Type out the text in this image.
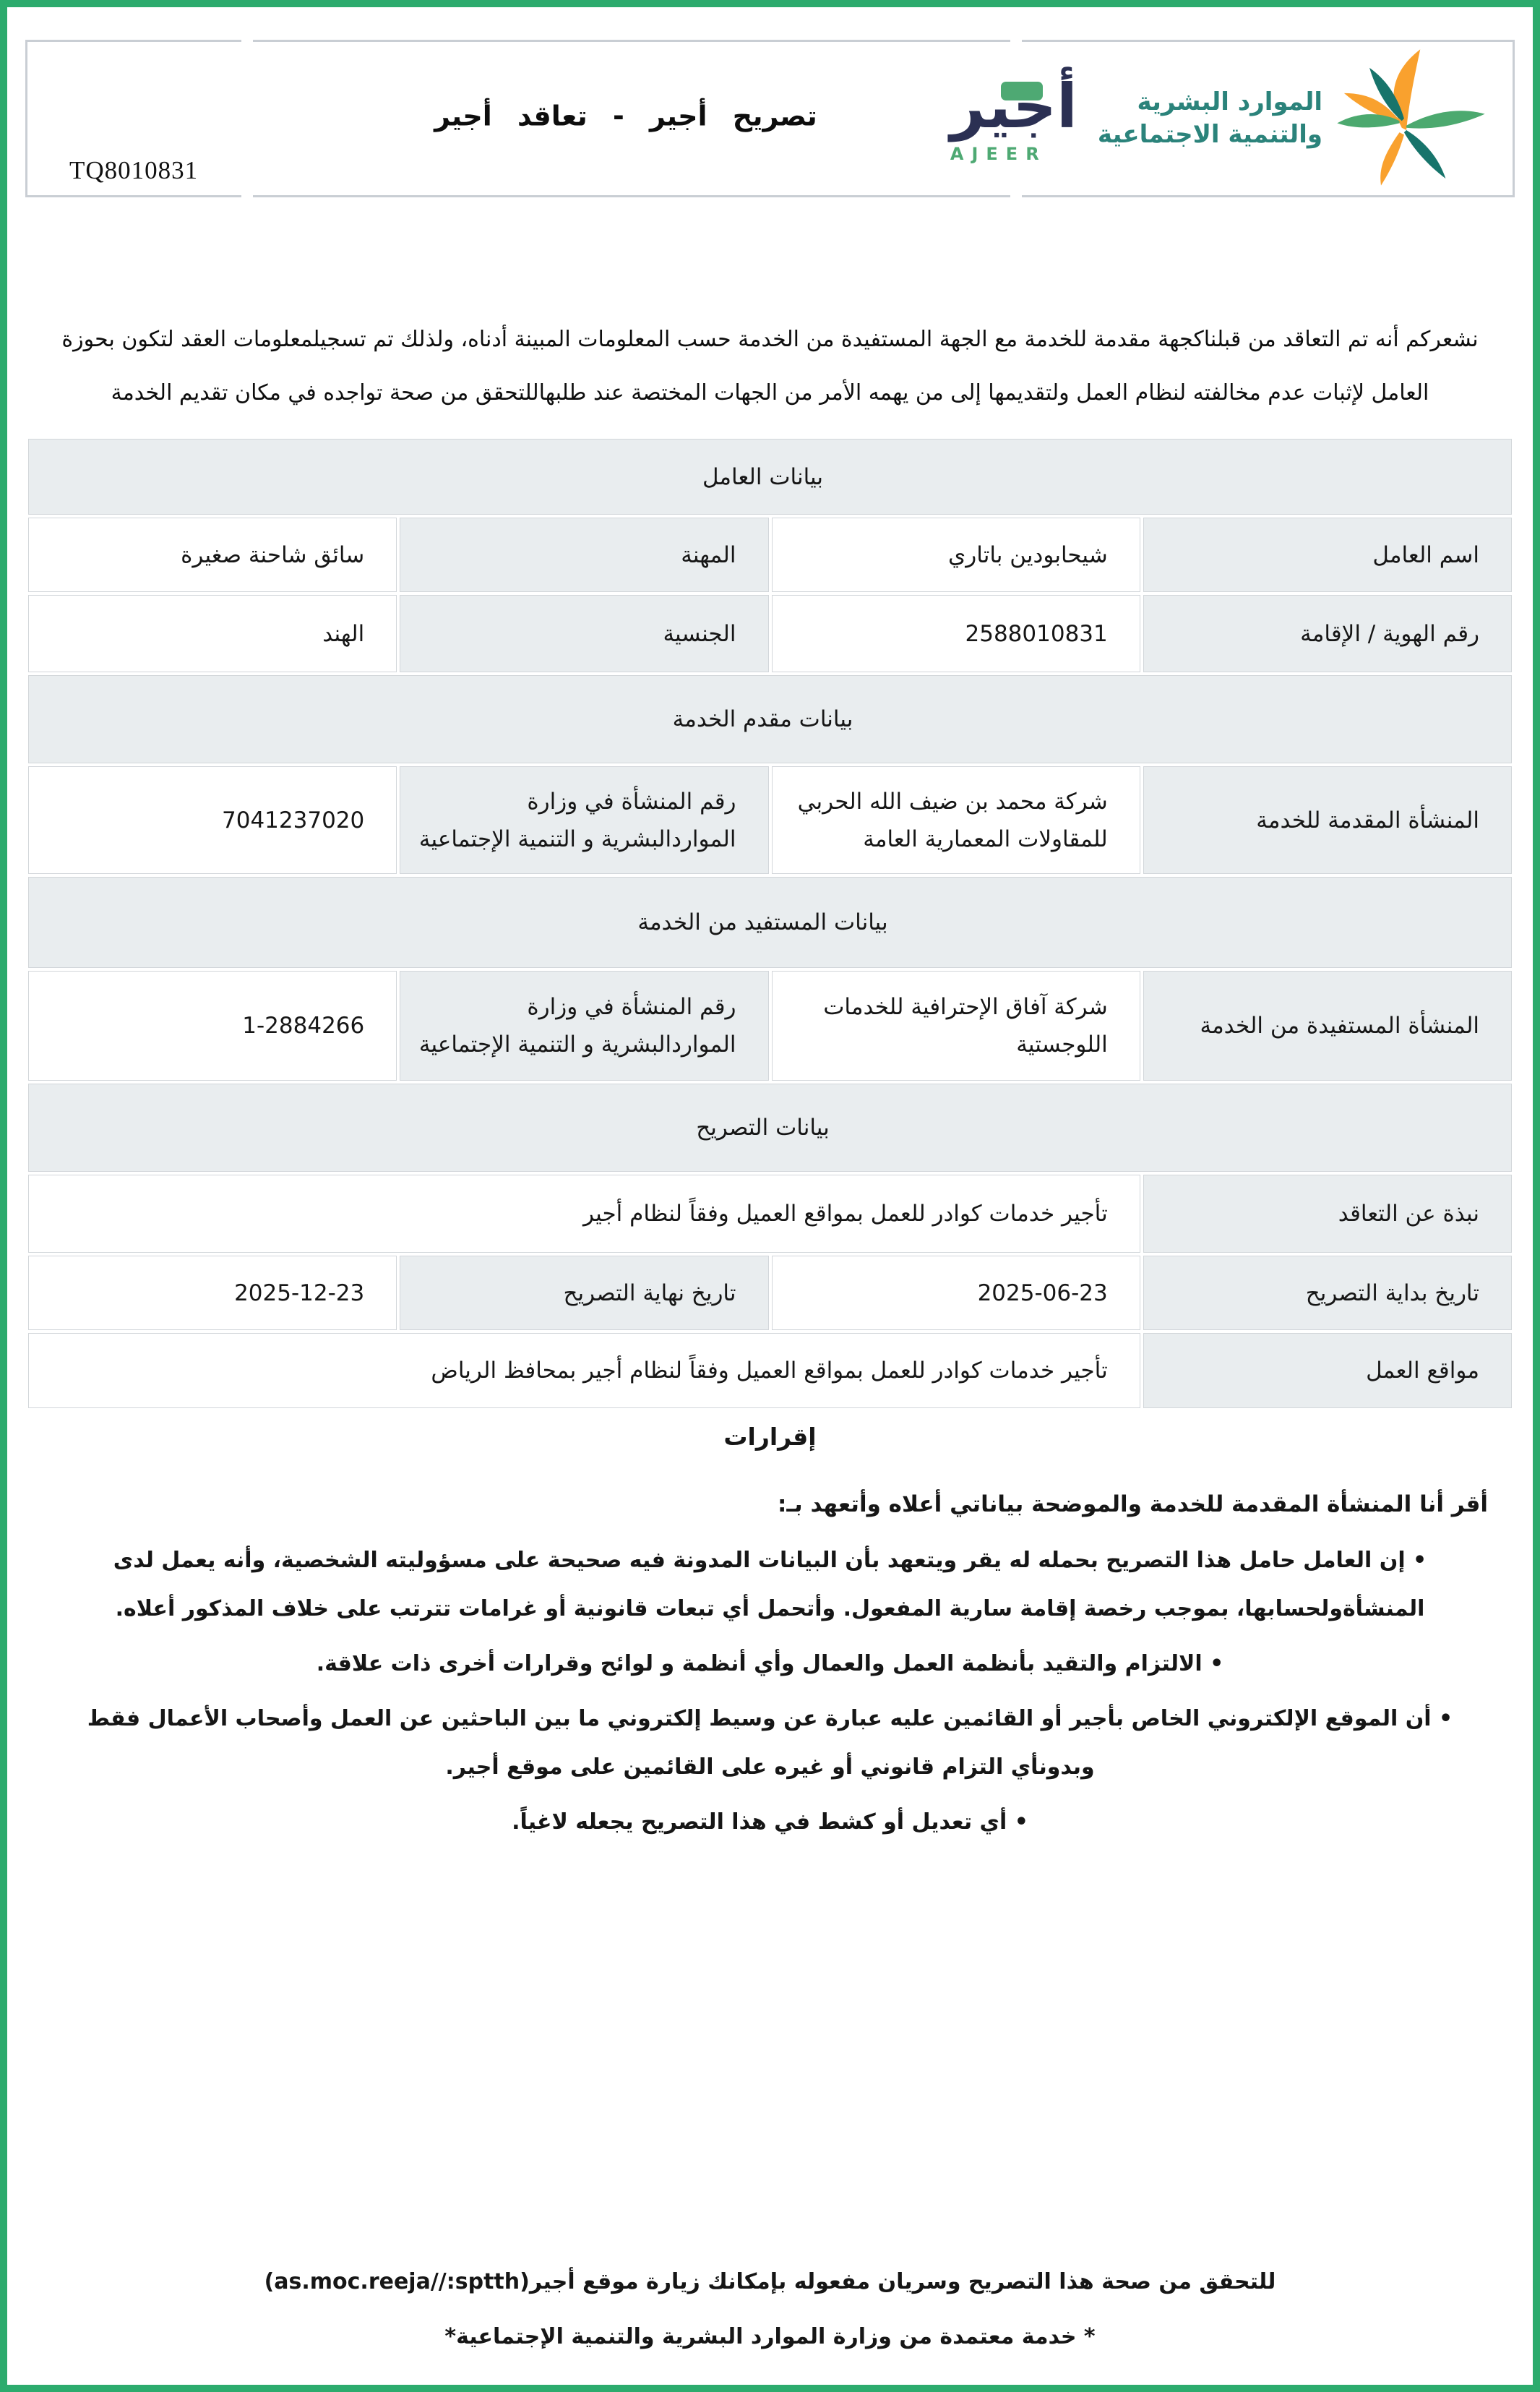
TQ8010831
تصريح أجير - تعاقد أجير	أجير
AJEER
الموارد البشرية
والتنمية الاجتماعية

نشعركم أنه تم التعاقد من قبلناكجهة مقدمة للخدمة مع الجهة المستفيدة من الخدمة حسب المعلومات المبينة أدناه، ولذلك تم تسجيلمعلومات العقد لتكون بحوزة العامل لإثبات عدم مخالفته لنظام العمل ولتقديمها إلى من يهمه الأمر من الجهات المختصة عند طلبهاللتحقق من صحة تواجده في مكان تقديم الخدمة

بيانات العامل			
اسم العامل	شيحابودين باتاري	المهنة	سائق شاحنة صغيرة
رقم الهوية / الإقامة	2588010831	الجنسية	الهند
بيانات مقدم الخدمة			
المنشأة المقدمة للخدمة	شركة محمد بن ضيف الله الحربي للمقاولات المعمارية العامة	رقم المنشأة في وزارة المواردالبشرية و التنمية الإجتماعية	7041237020
بيانات المستفيد من الخدمة			
المنشأة المستفيدة من الخدمة	شركة آفاق الإحترافية للخدمات اللوجستية	رقم المنشأة في وزارة المواردالبشرية و التنمية الإجتماعية	1-2884266
بيانات التصريح			
نبذة عن التعاقد	تأجير خدمات كوادر للعمل بمواقع العميل وفقاً لنظام أجير		
تاريخ بداية التصريح	2025-06-23	تاريخ نهاية التصريح	2025-12-23
مواقع العمل	تأجير خدمات كوادر للعمل بمواقع العميل وفقاً لنظام أجير بمحافظ الرياض		
إقرارات

أقر أنا المنشأة المقدمة للخدمة والموضحة بياناتي أعلاه وأتعهد بـ:

• إن العامل حامل هذا التصريح بحمله له يقر ويتعهد بأن البيانات المدونة فيه صحيحة على مسؤوليته الشخصية، وأنه يعمل لدى المنشأةولحسابها، بموجب رخصة إقامة سارية المفعول. وأتحمل أي تبعات قانونية أو غرامات تترتب على خلاف المذكور أعلاه.
• الالتزام والتقيد بأنظمة العمل والعمال وأي أنظمة و لوائح وقرارات أخرى ذات علاقة.
• أن الموقع الإلكتروني الخاص بأجير أو القائمين عليه عبارة عن وسيط إلكتروني ما بين الباحثين عن العمل وأصحاب الأعمال فقط وبدونأي التزام قانوني أو غيره على القائمين على موقع أجير.
• أي تعديل أو كشط في هذا التصريح يجعله لاغياً.
للتحقق من صحة هذا التصريح وسريان مفعوله بإمكانك زيارة موقع أجير(as.moc.reeja//:sptth)
* خدمة معتمدة من وزارة الموارد البشرية والتنمية الإجتماعية*
